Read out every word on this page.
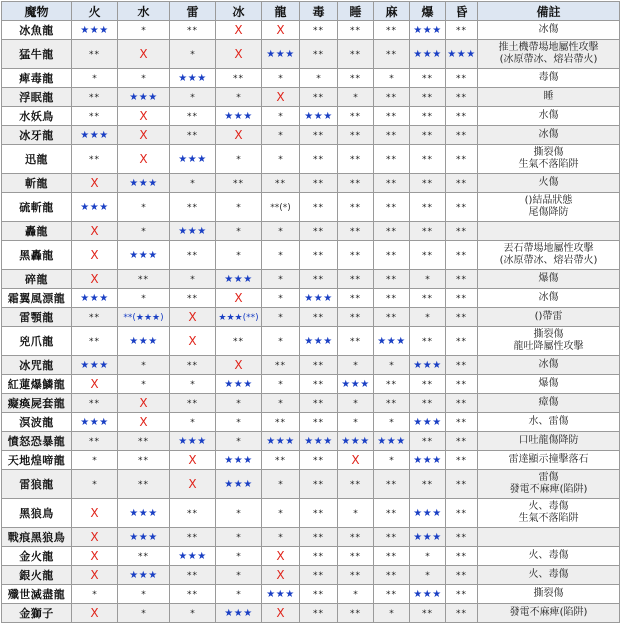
魔物	火	水	雷	冰	龍	毒	睡	麻	爆	昏	備註
冰魚龍	★★★	*	**	X	X	**	**	**	★★★	**	冰傷

猛牛龍	**	X	*	X	★★★	**	**	**	★★★	★★★	推土機帶場地屬性攻擊
(冰原帶冰、熔岩帶火)

痺毒龍	*	*	★★★	**	*	*	**	*	**	**	毒傷

浮眠龍	**	★★★	*	*	X	**	*	**	**	**	睡

水妖鳥	**	X	**	★★★	*	★★★	**	**	**	**	水傷

冰牙龍	★★★	X	**	X	*	**	**	**	**	**	冰傷

迅龍	**	X	★★★	*	*	**	**	**	**	**	撕裂傷
生氣不落陷阱

斬龍	X	★★★	*	**	**	**	**	**	**	**	火傷

硫斬龍	★★★	*	**	*	**(*)	**	**	**	**	**	()結晶狀態
尾傷降防

轟龍	X	*	★★★	*	*	**	**	**	**	**	
黑轟龍	X	★★★	**	*	*	**	**	**	**	**	丟石帶場地屬性攻擊
(冰原帶冰、熔岩帶火)

碎龍	X	**	*	★★★	*	**	**	**	*	**	爆傷

霜翼風漂龍	★★★	*	**	X	*	★★★	**	**	**	**	冰傷

雷顎龍	**	**(★★★)	X	★★★(**)	*	**	**	**	*	**	()帶雷

兇爪龍	**	★★★	X	**	*	★★★	**	★★★	**	**	撕裂傷
龍吐降屬性攻擊

冰咒龍	★★★	*	**	X	**	**	*	*	★★★	**	冰傷

紅蓮爆鱗龍	X	*	*	★★★	*	**	★★★	**	**	**	爆傷

癡瘓屍套龍	**	X	**	*	*	**	*	**	**	**	瘴傷

溟波龍	★★★	X	*	*	**	**	*	*	★★★	**	水、雷傷

憤怒恐暴龍	**	**	★★★	*	★★★	★★★	★★★	★★★	**	**	口吐龍傷降防

天地煌啼龍	*	**	X	★★★	**	**	X	*	★★★	**	雷達顯示撞擊落石

雷狼龍	*	**	X	★★★	*	**	**	**	**	**	雷傷
發電不麻痺(陷阱)

黑狼鳥	X	★★★	**	*	*	**	*	**	★★★	**	火、毒傷
生氣不落陷阱

戰痕黑狼鳥	X	★★★	**	*	*	**	**	**	★★★	**	
金火龍	X	**	★★★	*	X	**	**	**	*	**	火、毒傷

銀火龍	X	★★★	**	*	X	**	**	**	*	**	火、毒傷

殲世滅盡龍	*	*	**	*	★★★	**	*	**	★★★	**	撕裂傷

金獅子	X	*	*	★★★	X	**	**	*	**	**	發電不麻痺(陷阱)
